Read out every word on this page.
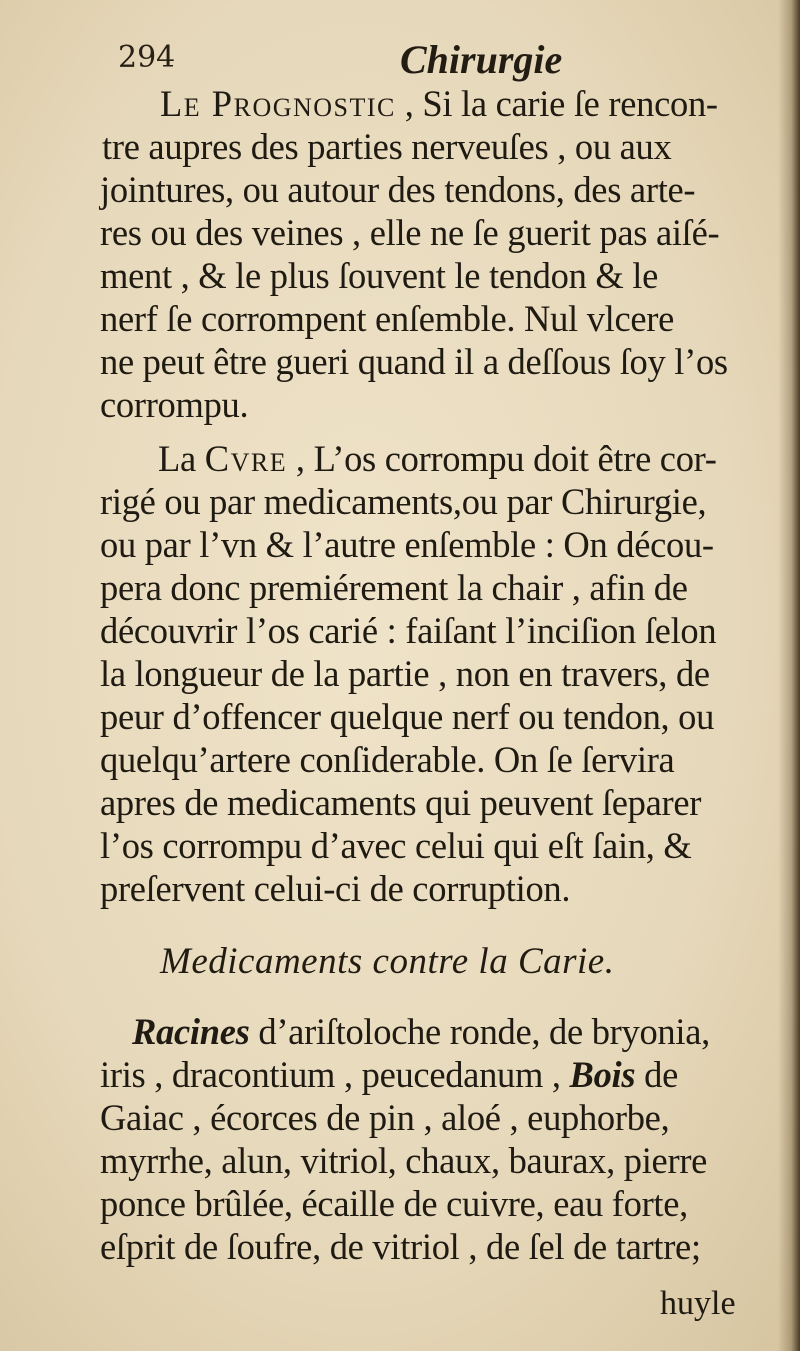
294	Chirurgie
Le Prognostic , Si la carie ſe rencon-
tre aupres des parties nerveuſes , ou aux
jointures, ou autour des tendons, des arte-
res ou des veines , elle ne ſe guerit pas aiſé-
ment , & le plus ſouvent le tendon & le
nerf ſe corrompent enſemble. Nul vlcere
ne peut être gueri quand il a deſſous ſoy l’os
corrompu.
La Cvre , L’os corrompu doit être cor-
rigé ou par medicaments,ou par Chirurgie,
ou par l’vn & l’autre enſemble : On décou-
pera donc premiérement la chair , afin de
découvrir l’os carié : faiſant l’inciſion ſelon
la longueur de la partie , non en travers, de
peur d’offencer quelque nerf ou tendon, ou
quelqu’artere conſiderable. On ſe ſervira
apres de medicaments qui peuvent ſeparer
l’os corrompu d’avec celui qui eſt ſain, &
preſervent celui-ci de corruption.
Medicaments contre la Carie.
Racines d’ariſtoloche ronde, de bryonia,
iris , dracontium , peucedanum , Bois de
Gaiac , écorces de pin , aloé , euphorbe,
myrrhe, alun, vitriol, chaux, baurax, pierre
ponce brûlée, écaille de cuivre, eau forte,
eſprit de ſoufre, de vitriol , de ſel de tartre;
huyle
